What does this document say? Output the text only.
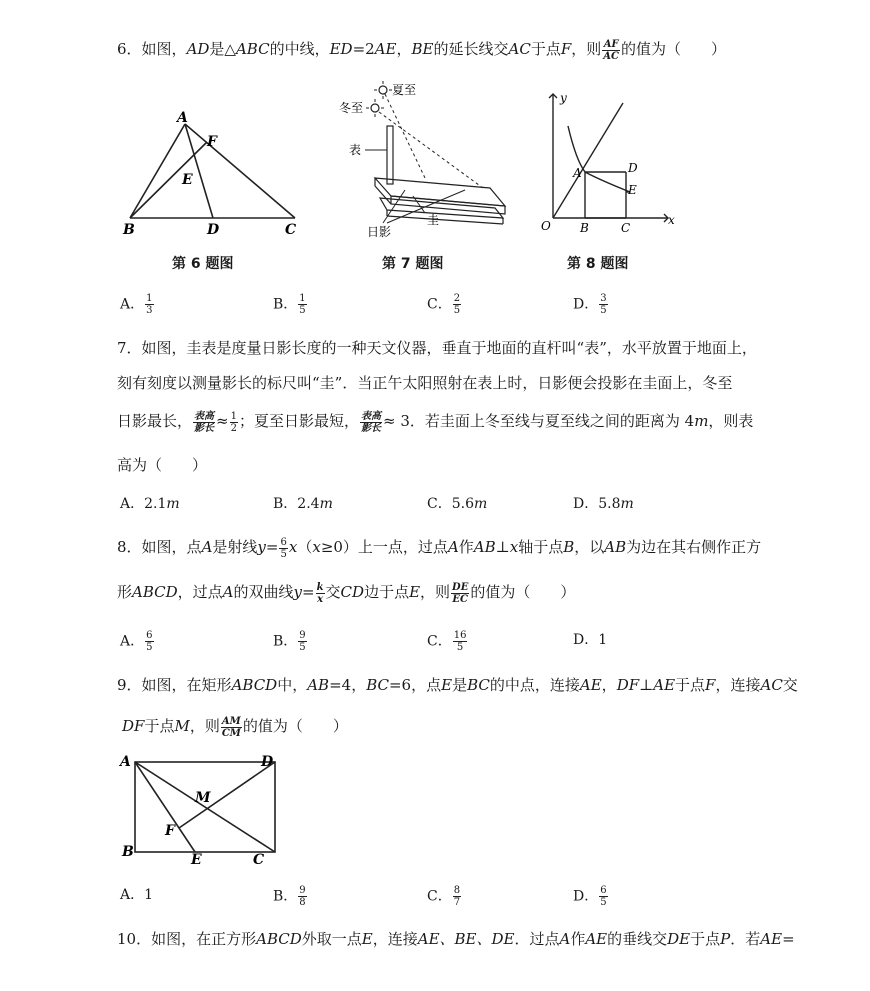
6．如图，AD是△ABC的中线，ED=2AE，BE的延长线交AC于点F，则 $\frac{AF}{AC}$ 的值为（　　）
A
F
E
B	D	C
第 6 题图
夏至
冬至
表
日影
圭
第 7 题图
y
x
O
A
B	C
D
E
第 8 题图
A． $\frac{1}{3}$	B． $\frac{1}{5}$	C． $\frac{2}{5}$	D． $\frac{3}{5}$
7．如图，圭表是度量日影长度的一种天文仪器，垂直于地面的直杆叫“表”，水平放置于地面上，
刻有刻度以测量影长的标尺叫“圭”．当正午太阳照射在表上时，日影便会投影在圭面上，冬至
日影最长， $\frac{\text{表高}}{\text{影长}} \approx \frac{1}{2}$ ；夏至日影最短， $\frac{\text{表高}}{\text{影长}} \approx 3$．若圭面上冬至线与夏至线之间的距离为 4m，则表
高为（　　）
A．2.1m	B．2.4m	C．5.6m	D．5.8m
8．如图，点A是射线$y= \frac{6}{5} x(x\ge 0)$上一点，过点A作AB⊥x轴于点B，以AB为边在其右侧作正方
形ABCD，过点A的双曲线$y= \frac{k}{x}$ 交CD边于点E，则 $\frac{DE}{EC}$ 的值为（　　）
A． $\frac{6}{5}$	B． $\frac{9}{5}$	C． $\frac{16}{5}$	D．1
9．如图，在矩形ABCD中，AB=4，BC=6，点E是BC的中点，连接AE，DF⊥AE于点F，连接AC交
DF于点M，则 $\frac{AM}{CM}$ 的值为（　　）
A	D
M
F
B	E	C
A．1	B． $\frac{9}{8}$	C． $\frac{8}{7}$	D． $\frac{6}{5}$
10．如图，在正方形ABCD外取一点E，连接AE、BE、DE．过点A作AE的垂线交DE于点P．若AE=
